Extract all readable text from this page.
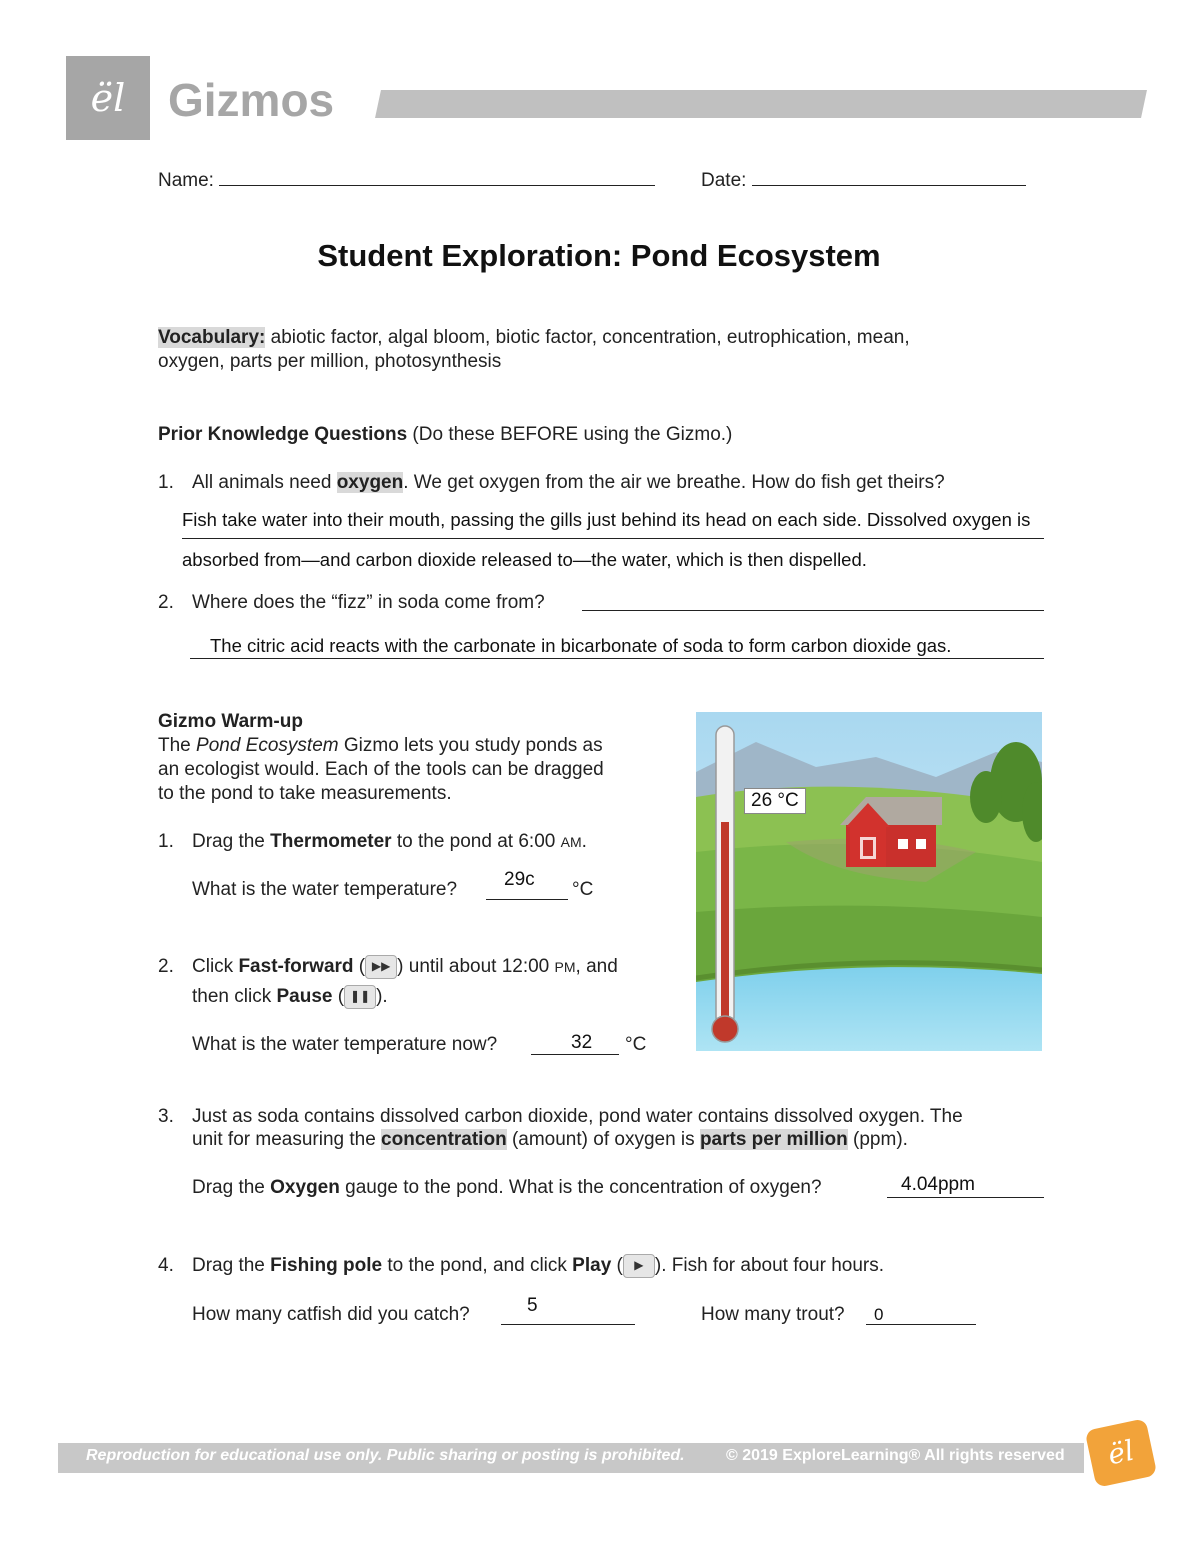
ël Gizmos
Name:	Date:
Student Exploration: Pond Ecosystem
Vocabulary: abiotic factor, algal bloom, biotic factor, concentration, eutrophication, mean,
oxygen, parts per million, photosynthesis
Prior Knowledge Questions (Do these BEFORE using the Gizmo.)
1. All animals need oxygen. We get oxygen from the air we breathe. How do fish get theirs?
Fish take water into their mouth, passing the gills just behind its head on each side. Dissolved oxygen is
absorbed from—and carbon dioxide released to—the water, which is then dispelled.
2. Where does the “fizz” in soda come from?
The citric acid reacts with the carbonate in bicarbonate of soda to form carbon dioxide gas.
Gizmo Warm-up
The Pond Ecosystem Gizmo lets you study ponds as
an ecologist would. Each of the tools can be dragged
to the pond to take measurements.
1. Drag the Thermometer to the pond at 6:00 AM.
What is the water temperature? 29c °C
2. Click Fast-forward ( ▶▶ ) until about 12:00 PM, and
then click Pause ( ❚❚ ).
What is the water temperature now?	32 °C
26 °C
3. Just as soda contains dissolved carbon dioxide, pond water contains dissolved oxygen. The
unit for measuring the concentration (amount) of oxygen is parts per million (ppm).
Drag the Oxygen gauge to the pond. What is the concentration of oxygen?	4.04ppm
4. Drag the Fishing pole to the pond, and click Play ( ▶ ). Fish for about four hours.
How many catfish did you catch?	5	How many trout? 0
Reproduction for educational use only. Public sharing or posting is prohibited.	© 2019 ExploreLearning® All rights reserved	ël
